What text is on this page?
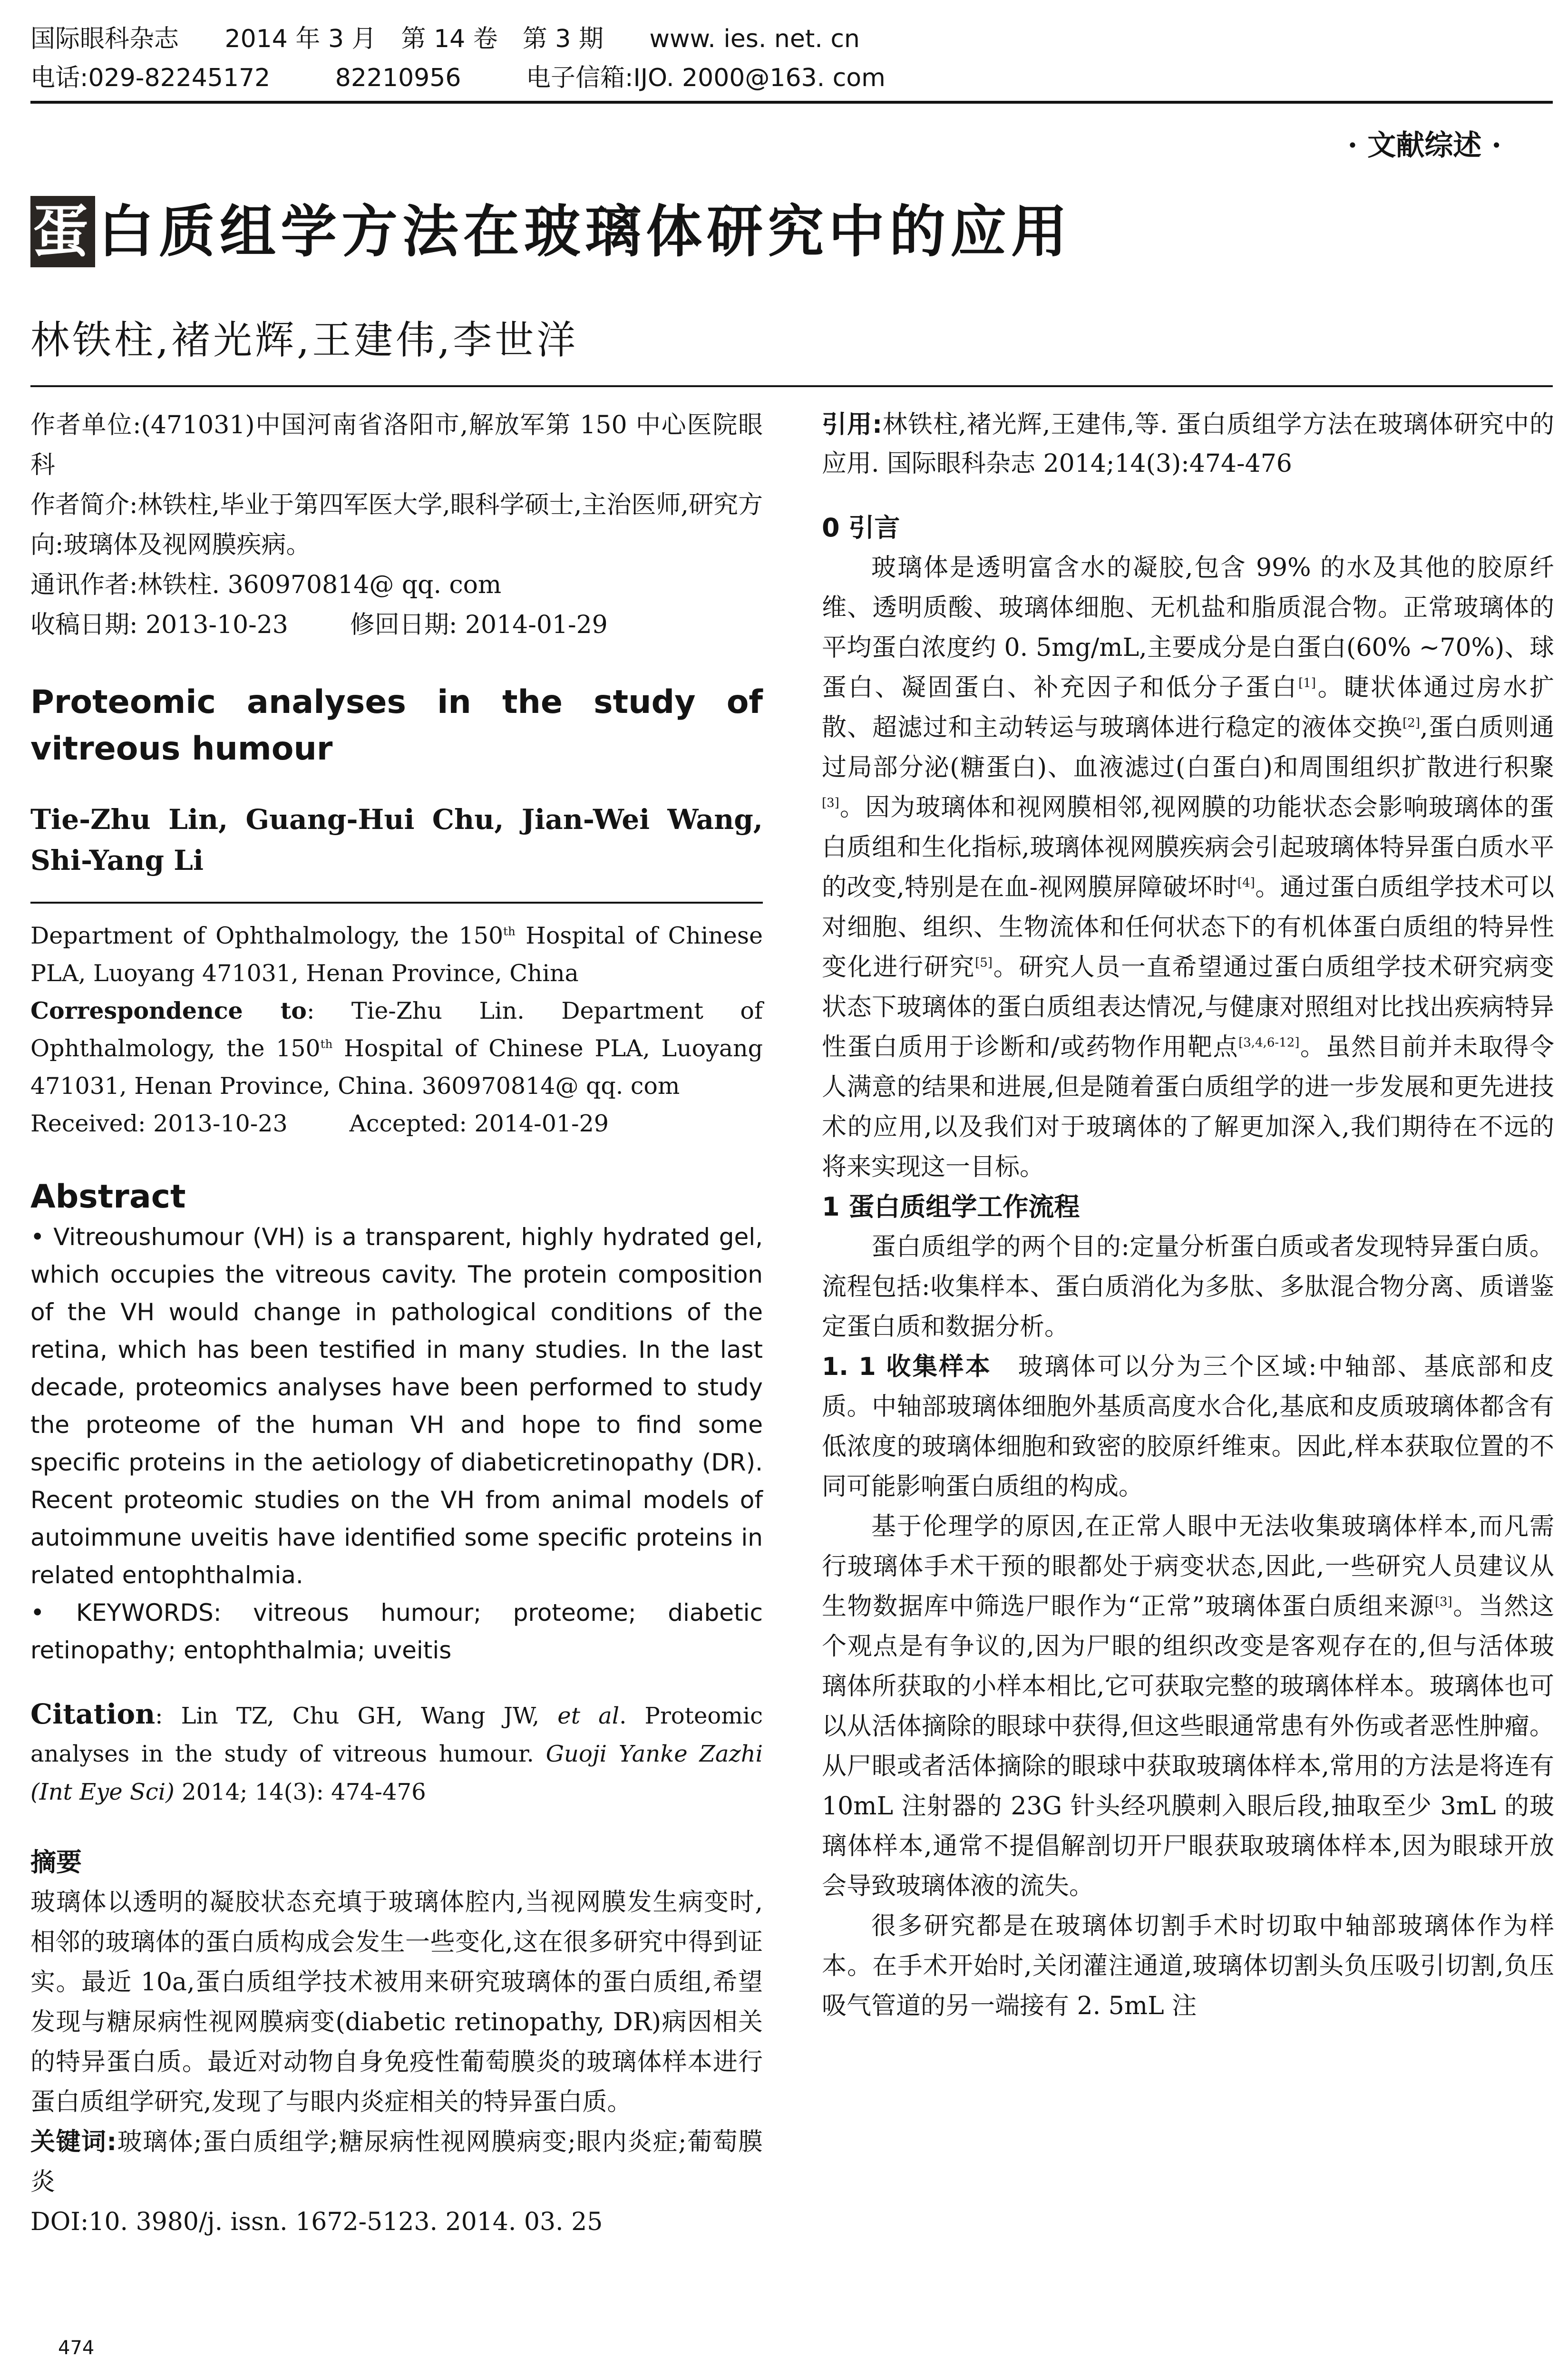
国际眼科杂志 2014 年 3 月　第 14 卷　第 3 期 www. ies. net. cn
电话:029-82245172	82210956	电子信箱:IJO. 2000@163. com
· 文献综述 ·
蛋白质组学方法在玻璃体研究中的应用
林铁柱,褚光辉,王建伟,李世洋

作者单位:(471031)中国河南省洛阳市,解放军第 150 中心医院眼科

作者简介:林铁柱,毕业于第四军医大学,眼科学硕士,主治医师,研究方向:玻璃体及视网膜疾病。

通讯作者:林铁柱. 360970814@ qq. com

收稿日期: 2013-10-23	修回日期: 2014-01-29

Proteomic analyses in the study of vitreous humour
Tie-Zhu Lin, Guang-Hui Chu, Jian-Wei Wang, Shi-Yang Li

Department of Ophthalmology, the 150th Hospital of Chinese PLA, Luoyang 471031, Henan Province, China

Correspondence to: Tie-Zhu Lin. Department of Ophthalmology, the 150th Hospital of Chinese PLA, Luoyang 471031, Henan Province, China. 360970814@ qq. com

Received: 2013-10-23	Accepted: 2014-01-29

Abstract

• Vitreoushumour (VH) is a transparent, highly hydrated gel, which occupies the vitreous cavity. The protein composition of the VH would change in pathological conditions of the retina, which has been testified in many studies. In the last decade, proteomics analyses have been performed to study the proteome of the human VH and hope to find some specific proteins in the aetiology of diabeticretinopathy (DR). Recent proteomic studies on the VH from animal models of autoimmune uveitis have identified some specific proteins in related entophthalmia.

• KEYWORDS: vitreous humour; proteome; diabetic retinopathy; entophthalmia; uveitis

Citation: Lin TZ, Chu GH, Wang JW, et al. Proteomic analyses in the study of vitreous humour. Guoji Yanke Zazhi (Int Eye Sci) 2014; 14(3): 474-476
摘要

玻璃体以透明的凝胶状态充填于玻璃体腔内,当视网膜发生病变时,相邻的玻璃体的蛋白质构成会发生一些变化,这在很多研究中得到证实。最近 10a,蛋白质组学技术被用来研究玻璃体的蛋白质组,希望发现与糖尿病性视网膜病变(diabetic retinopathy, DR)病因相关的特异蛋白质。最近对动物自身免疫性葡萄膜炎的玻璃体样本进行蛋白质组学研究,发现了与眼内炎症相关的特异蛋白质。

关键词:玻璃体;蛋白质组学;糖尿病性视网膜病变;眼内炎症;葡萄膜炎

DOI:10. 3980/j. issn. 1672-5123. 2014. 03. 25

引用:林铁柱,褚光辉,王建伟,等. 蛋白质组学方法在玻璃体研究中的应用. 国际眼科杂志 2014;14(3):474-476
0 引言

玻璃体是透明富含水的凝胶,包含 99% 的水及其他的胶原纤维、透明质酸、玻璃体细胞、无机盐和脂质混合物。正常玻璃体的平均蛋白浓度约 0. 5mg/mL,主要成分是白蛋白(60% ~70%)、球蛋白、凝固蛋白、补充因子和低分子蛋白[1]。睫状体通过房水扩散、超滤过和主动转运与玻璃体进行稳定的液体交换[2],蛋白质则通过局部分泌(糖蛋白)、血液滤过(白蛋白)和周围组织扩散进行积聚[3]。因为玻璃体和视网膜相邻,视网膜的功能状态会影响玻璃体的蛋白质组和生化指标,玻璃体视网膜疾病会引起玻璃体特异蛋白质水平的改变,特别是在血-视网膜屏障破坏时[4]。通过蛋白质组学技术可以对细胞、组织、生物流体和任何状态下的有机体蛋白质组的特异性变化进行研究[5]。研究人员一直希望通过蛋白质组学技术研究病变状态下玻璃体的蛋白质组表达情况,与健康对照组对比找出疾病特异性蛋白质用于诊断和/或药物作用靶点[3,4,6-12]。虽然目前并未取得令人满意的结果和进展,但是随着蛋白质组学的进一步发展和更先进技术的应用,以及我们对于玻璃体的了解更加深入,我们期待在不远的将来实现这一目标。

1 蛋白质组学工作流程

蛋白质组学的两个目的:定量分析蛋白质或者发现特异蛋白质。流程包括:收集样本、蛋白质消化为多肽、多肽混合物分离、质谱鉴定蛋白质和数据分析。

1. 1 收集样本 玻璃体可以分为三个区域:中轴部、基底部和皮质。中轴部玻璃体细胞外基质高度水合化,基底和皮质玻璃体都含有低浓度的玻璃体细胞和致密的胶原纤维束。因此,样本获取位置的不同可能影响蛋白质组的构成。

基于伦理学的原因,在正常人眼中无法收集玻璃体样本,而凡需行玻璃体手术干预的眼都处于病变状态,因此,一些研究人员建议从生物数据库中筛选尸眼作为“正常”玻璃体蛋白质组来源[3]。当然这个观点是有争议的,因为尸眼的组织改变是客观存在的,但与活体玻璃体所获取的小样本相比,它可获取完整的玻璃体样本。玻璃体也可以从活体摘除的眼球中获得,但这些眼通常患有外伤或者恶性肿瘤。从尸眼或者活体摘除的眼球中获取玻璃体样本,常用的方法是将连有 10mL 注射器的 23G 针头经巩膜刺入眼后段,抽取至少 3mL 的玻璃体样本,通常不提倡解剖切开尸眼获取玻璃体样本,因为眼球开放会导致玻璃体液的流失。

很多研究都是在玻璃体切割手术时切取中轴部玻璃体作为样本。在手术开始时,关闭灌注通道,玻璃体切割头负压吸引切割,负压吸气管道的另一端接有 2. 5mL 注

474
